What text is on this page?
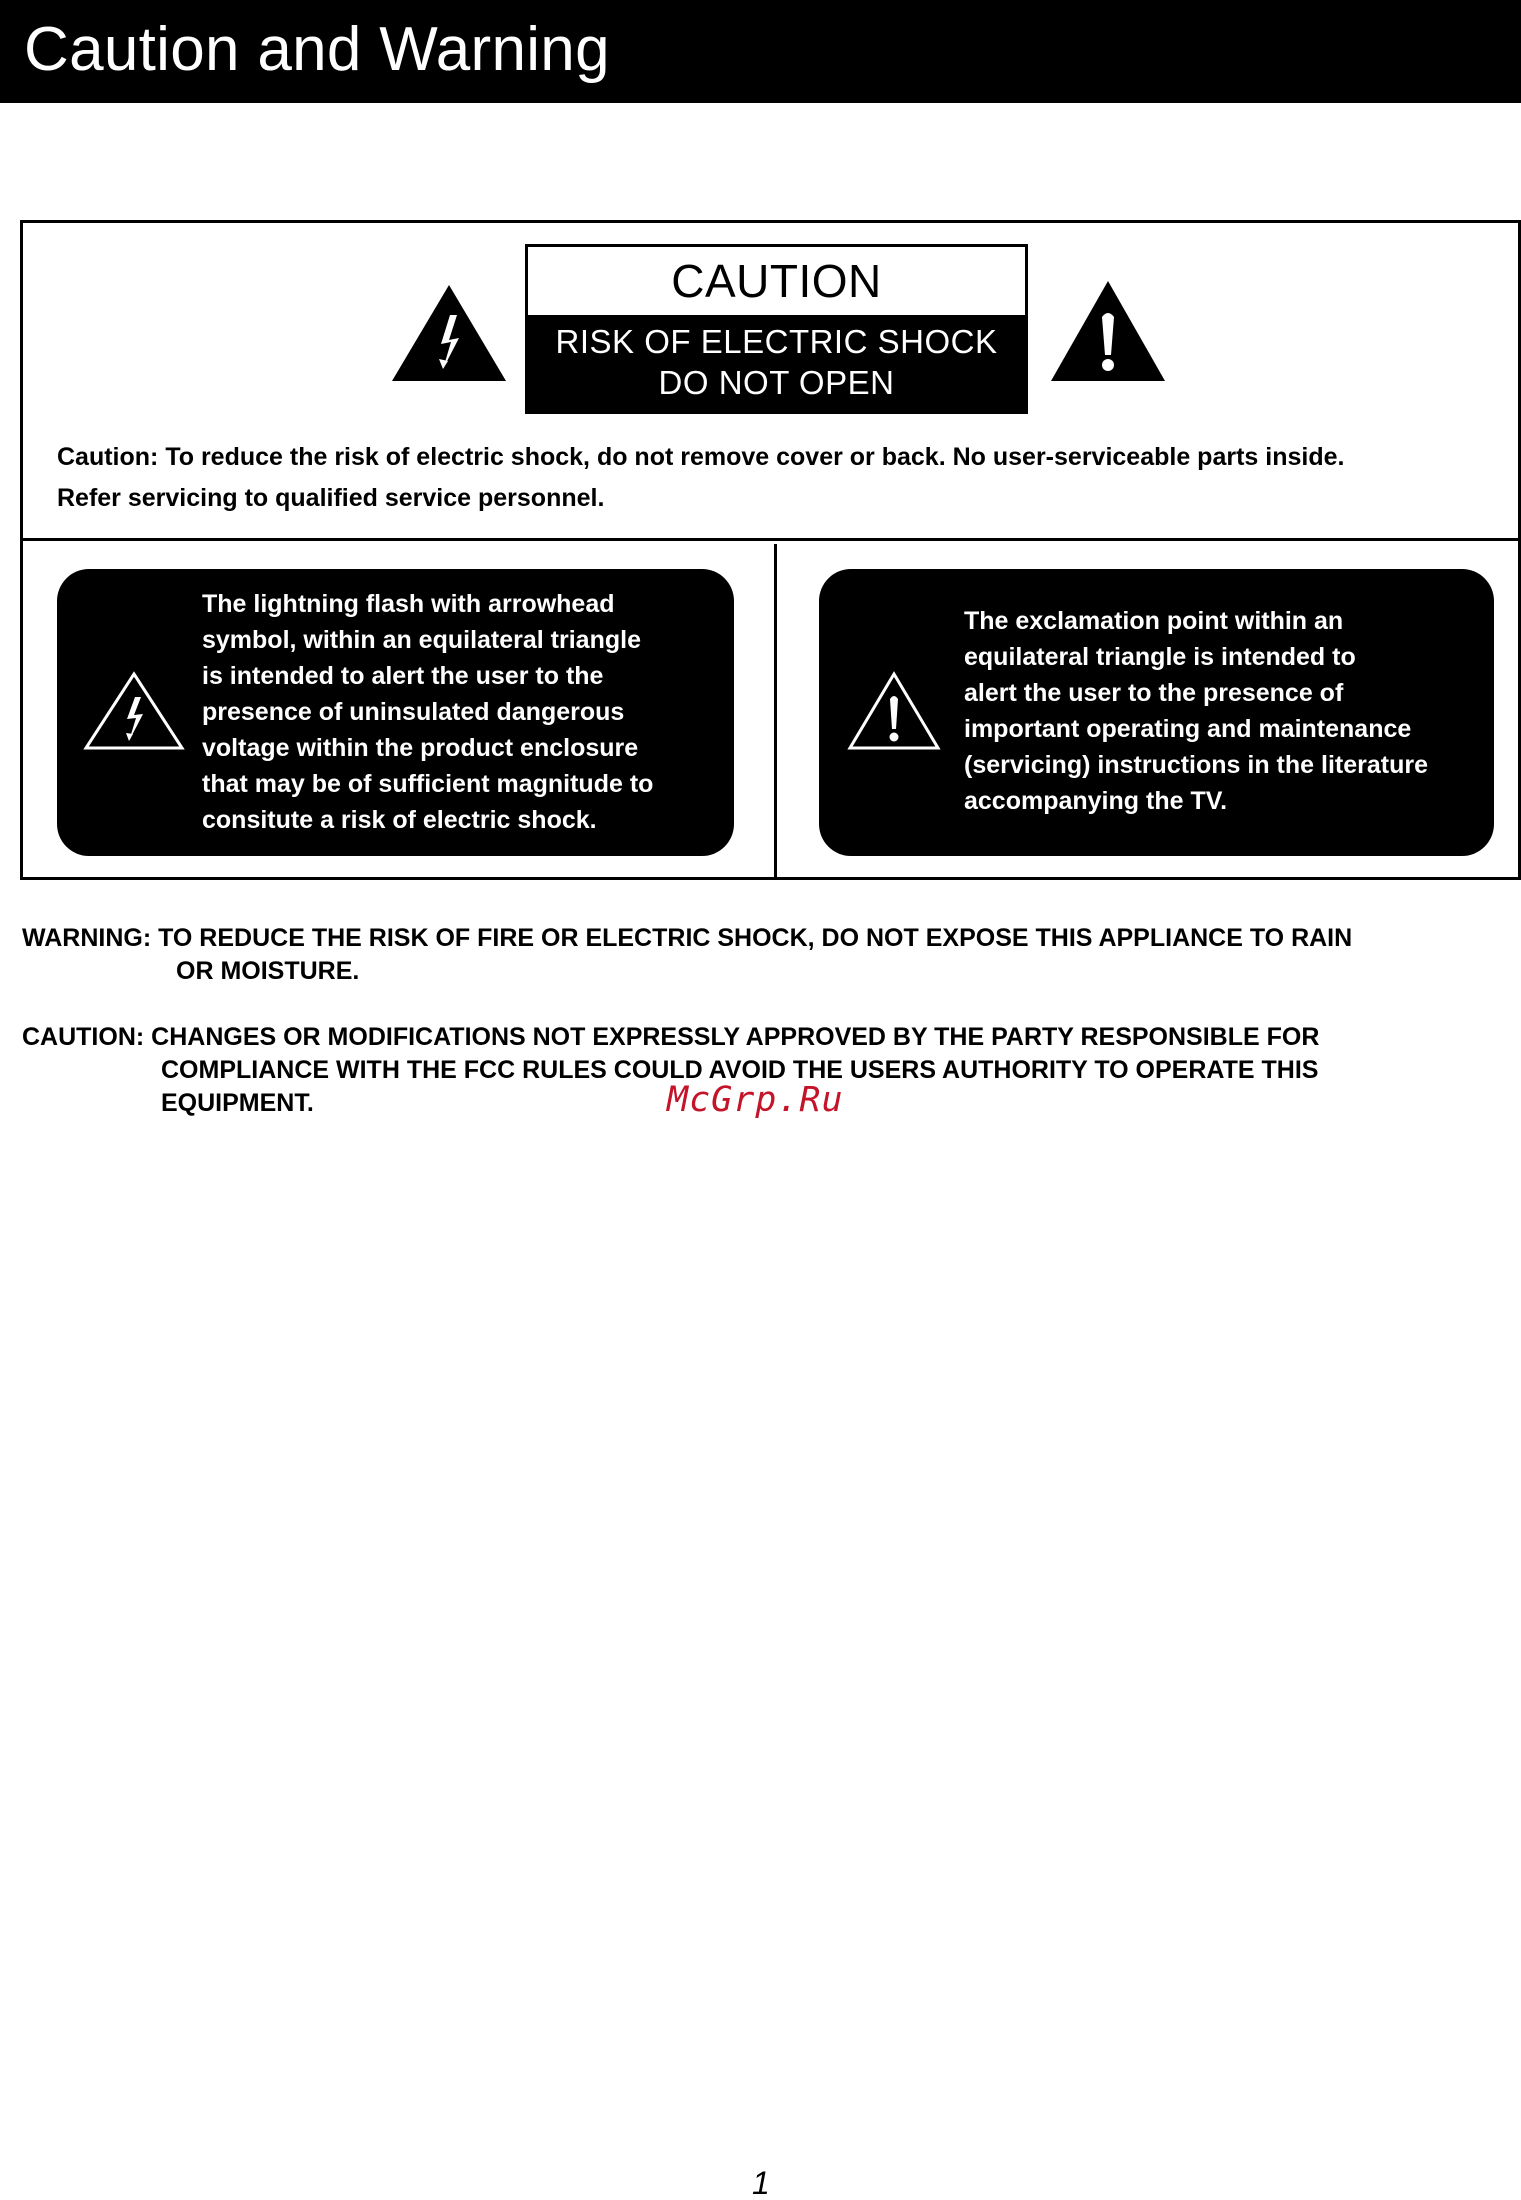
Caution and Warning
CAUTION
RISK OF ELECTRIC SHOCK
DO NOT OPEN
Caution: To reduce the risk of electric shock, do not remove cover or back. No user-serviceable parts inside.
Refer servicing to qualified service personnel.
The lightning flash with arrowhead
symbol, within an equilateral triangle
is intended to alert the user to the
presence of uninsulated dangerous
voltage within the product enclosure
that may be of sufficient magnitude to
consitute a risk of electric shock.
The exclamation point within an
equilateral triangle is intended to
alert the user to the presence of
important operating and maintenance
(servicing) instructions in the literature
accompanying the TV.
WARNING: TO REDUCE THE RISK OF FIRE OR ELECTRIC SHOCK, DO NOT EXPOSE THIS APPLIANCE TO RAIN
OR MOISTURE.
CAUTION: CHANGES OR MODIFICATIONS NOT EXPRESSLY APPROVED BY THE PARTY RESPONSIBLE FOR
COMPLIANCE WITH THE FCC RULES COULD AVOID THE USERS AUTHORITY TO OPERATE THIS
EQUIPMENT.	McGrp.Ru
1
